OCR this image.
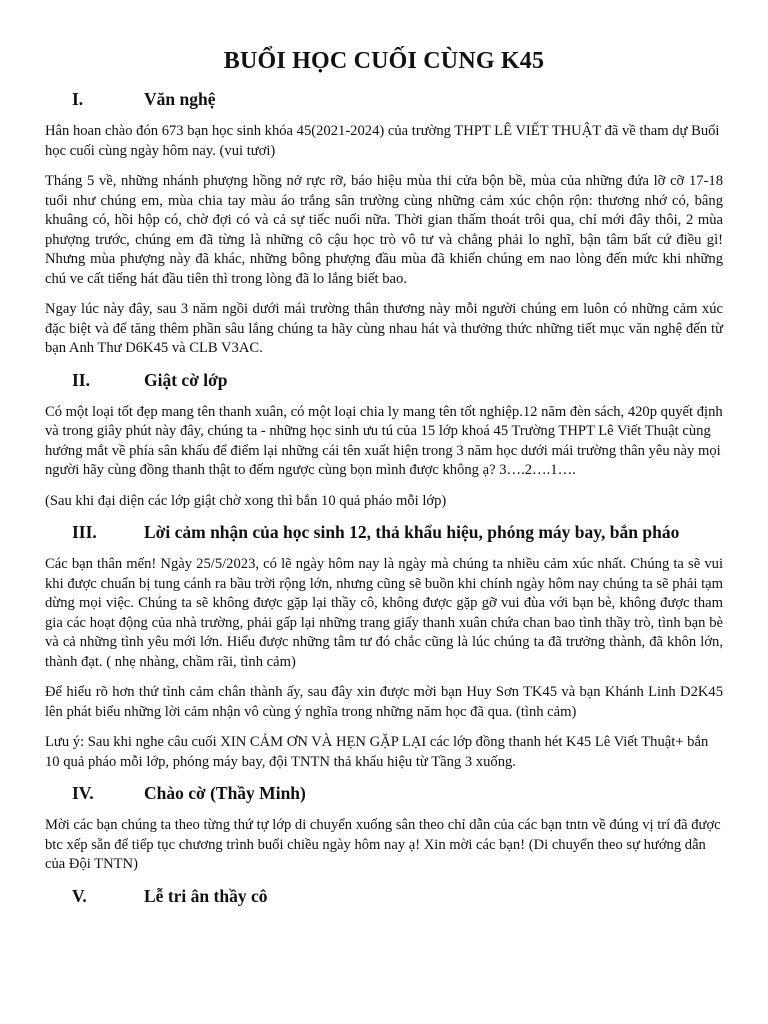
BUỔI HỌC CUỐI CÙNG K45
I.	Văn nghệ

Hân hoan chào đón 673 bạn học sinh khóa 45(2021-2024) của trường THPT LÊ VIẾT THUẬT đã về tham dự Buổi học cuối cùng ngày hôm nay. (vui tươi)

Tháng 5 về, những nhánh phượng hồng nở rực rỡ, báo hiệu mùa thi cửa bộn bề, mùa của những đứa lỡ cỡ 17-18 tuổi như chúng em, mùa chia tay màu áo trắng sân trường cùng những cảm xúc chộn rộn: thương nhớ có, bâng khuâng có, hồi hộp có, chờ đợi có và cả sự tiếc nuối nữa. Thời gian thấm thoát trôi qua, chỉ mới đây thôi, 2 mùa phượng trước, chúng em đã từng là những cô cậu học trò vô tư và chẳng phải lo nghĩ, bận tâm bất cứ điều gì! Nhưng mùa phượng này đã khác, những bông phượng đầu mùa đã khiến chúng em nao lòng đến mức khi những chú ve cất tiếng hát đầu tiên thì trong lòng đã lo lắng biết bao.

Ngay lúc này đây, sau 3 năm ngồi dưới mái trường thân thương này mỗi người chúng em luôn có những cảm xúc đặc biệt và để tăng thêm phần sâu lắng chúng ta hãy cùng nhau hát và thưởng thức những tiết mục văn nghệ đến từ bạn Anh Thư D6K45 và CLB V3AC.

II.	Giật cờ lớp

Có một loại tốt đẹp mang tên thanh xuân, có một loại chia ly mang tên tốt nghiệp.12 năm đèn sách, 420p quyết định và trong giây phút này đây, chúng ta - những học sinh ưu tú của 15 lớp khoá 45 Trường THPT Lê Viết Thuật cùng hướng mắt về phía sân khấu để điểm lại những cái tên xuất hiện trong 3 năm học dưới mái trường thân yêu này mọi người hãy cùng đồng thanh thật to đếm ngược cùng bọn mình được không ạ? 3….2….1….

(Sau khi đại diện các lớp giật chờ xong thì bắn 10 quả pháo mỗi lớp)

III.	Lời cảm nhận của học sinh 12, thả khẩu hiệu, phóng máy bay, bắn pháo

Các bạn thân mến! Ngày 25/5/2023, có lẽ ngày hôm nay là ngày mà chúng ta nhiều cảm xúc nhất. Chúng ta sẽ vui khi được chuẩn bị tung cánh ra bầu trời rộng lớn, nhưng cũng sẽ buồn khi chính ngày hôm nay chúng ta sẽ phải tạm dừng mọi việc. Chúng ta sẽ không được gặp lại thầy cô, không được gặp gỡ vui đùa với bạn bè, không được tham gia các hoạt động của nhà trường, phải gấp lại những trang giấy thanh xuân chứa chan bao tình thầy trò, tình bạn bè và cả những tình yêu mới lớn. Hiểu được những tâm tư đó chắc cũng là lúc chúng ta đã trưởng thành, đã khôn lớn, thành đạt. ( nhẹ nhàng, chầm rãi, tình cảm)

Để hiểu rõ hơn thứ tình cảm chân thành ấy, sau đây xin được mời bạn Huy Sơn TK45 và bạn Khánh Linh D2K45 lên phát biểu những lời cảm nhận vô cùng ý nghĩa trong những năm học đã qua. (tình cảm)

Lưu ý: Sau khi nghe câu cuối XIN CẢM ƠN VÀ HẸN GẶP LẠI các lớp đồng thanh hét K45 Lê Viết Thuật+ bắn 10 quả pháo mỗi lớp, phóng máy bay, đội TNTN thả khẩu hiệu từ Tầng 3 xuống.

IV.	Chào cờ (Thầy Minh)

Mời các bạn chúng ta theo từng thứ tự lớp di chuyển xuống sân theo chỉ dẫn của các bạn tntn về đúng vị trí đã được btc xếp sẵn để tiếp tục chương trình buổi chiều ngày hôm nay ạ! Xin mời các bạn! (Di chuyển theo sự hướng dẫn của Đội TNTN)

V.	Lễ tri ân thầy cô
